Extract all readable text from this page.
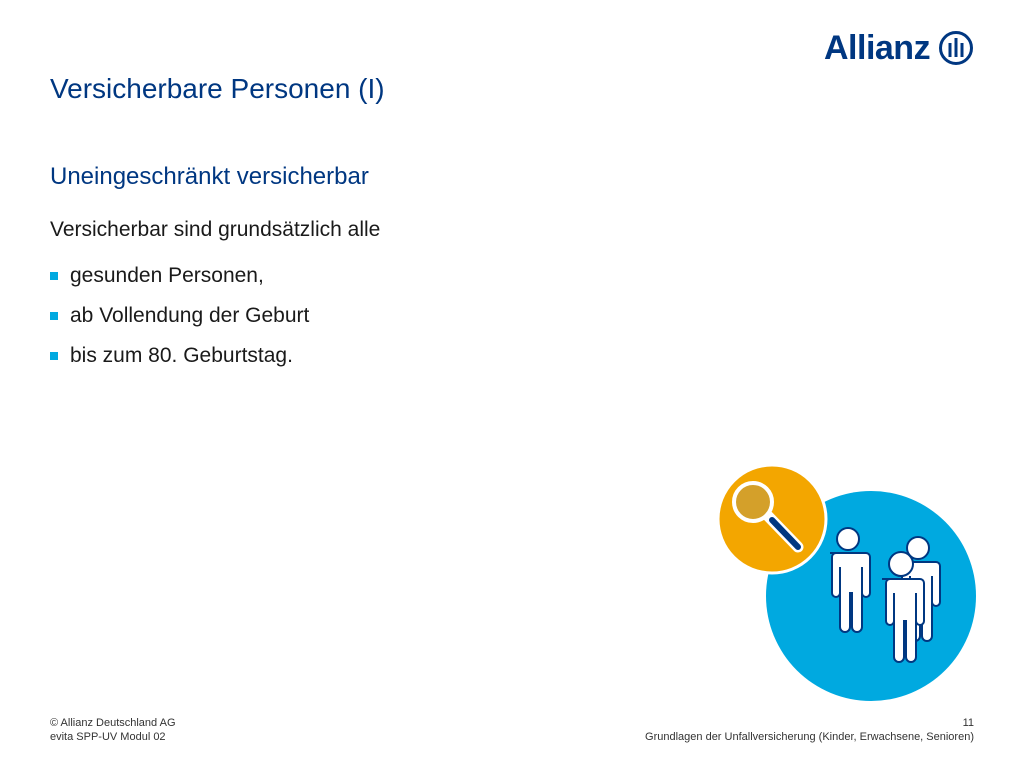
Allianz
Versicherbare Personen (I)
Uneingeschränkt versicherbar

Versicherbar sind grundsätzlich alle

gesunden Personen,
ab Vollendung der Geburt
bis zum 80. Geburtstag.
© Allianz Deutschland AG
evita SPP-UV Modul 02
11
Grundlagen der Unfallversicherung (Kinder, Erwachsene, Senioren)
